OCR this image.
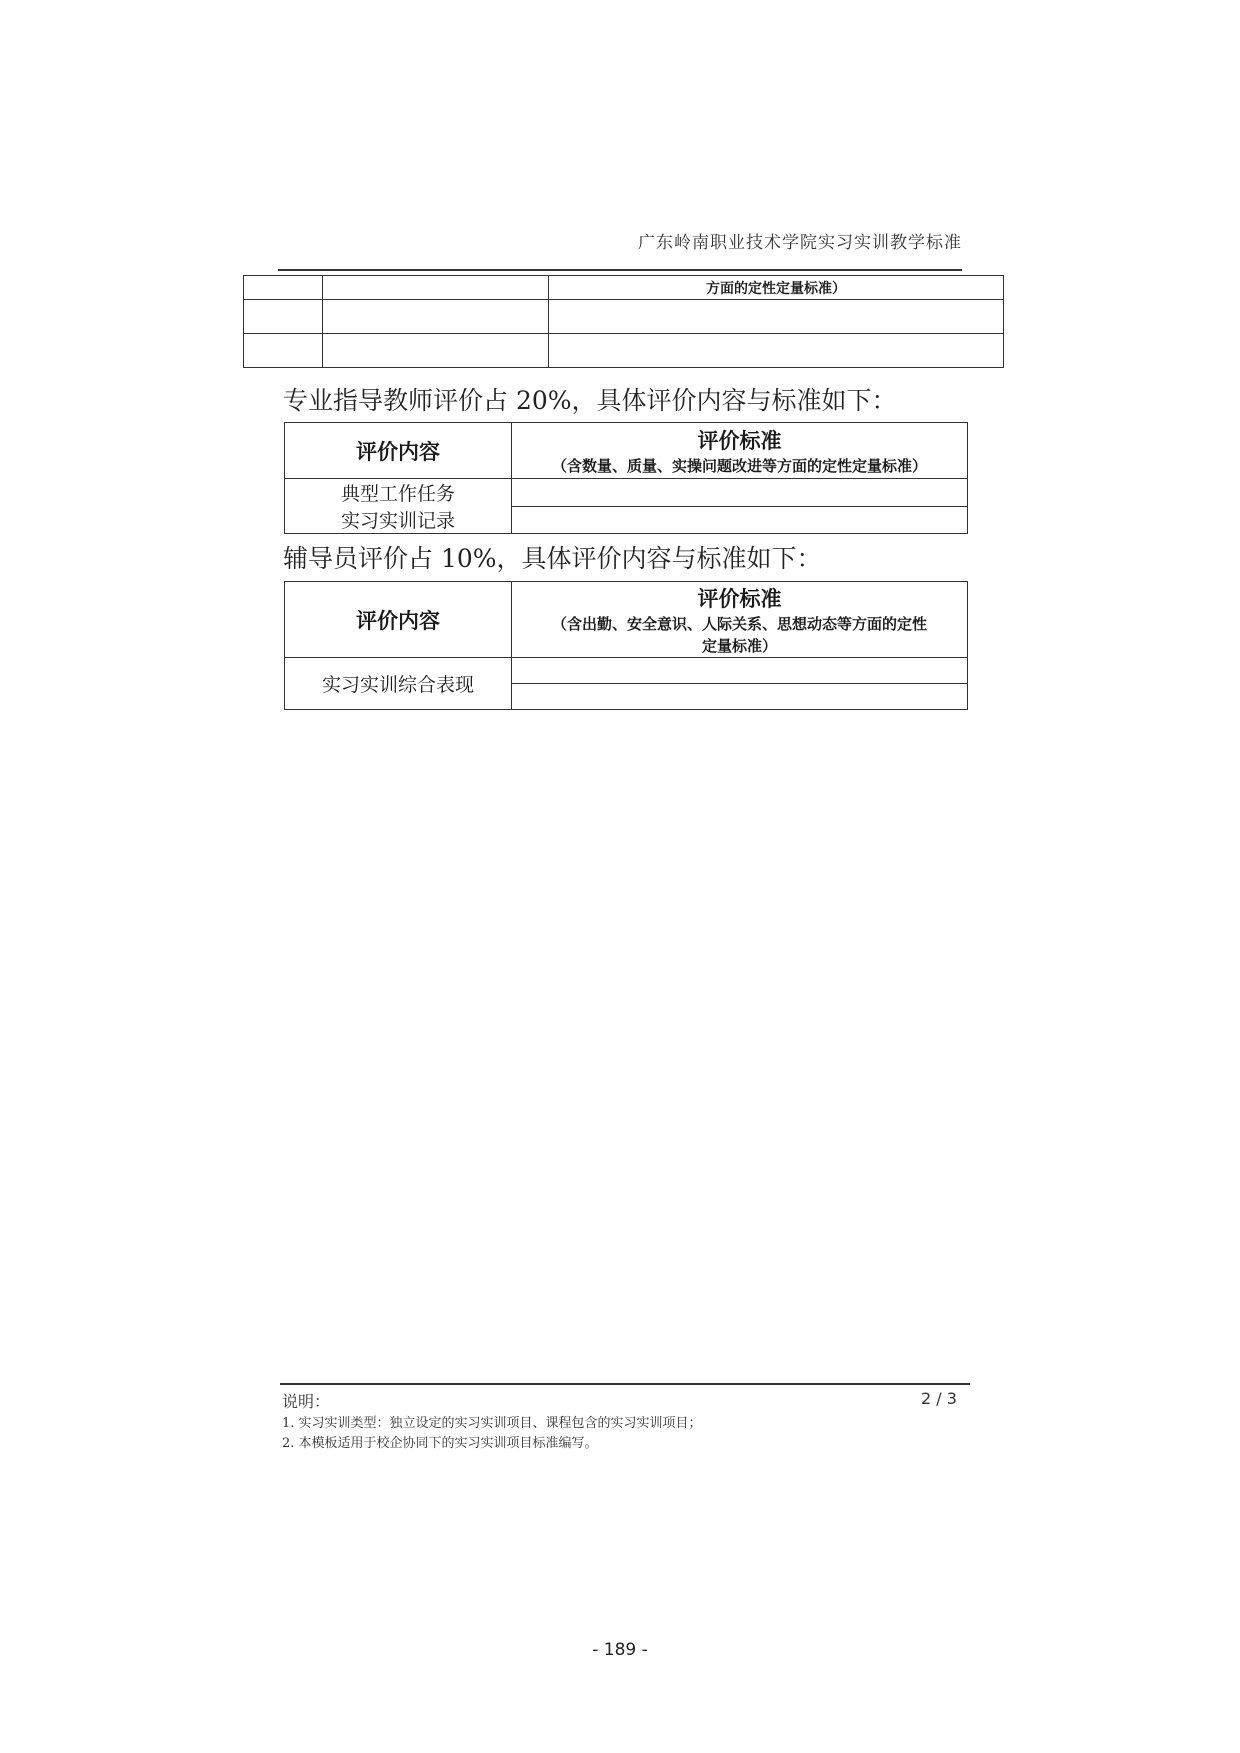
广东岭南职业技术学院实习实训教学标准
		方面的定性定量标准）

专业指导教师评价占 20%，具体评价内容与标准如下：
评价内容	评价标准
（含数量、质量、实操问题改进等方面的定性定量标准）

典型工作任务
实习实训记录	

辅导员评价占 10%，具体评价内容与标准如下：
评价内容	评价标准
（含出勤、安全意识、人际关系、思想动态等方面的定性
定量标准）

实习实训综合表现	

说明：	2 / 3
1. 实习实训类型：独立设定的实习实训项目、课程包含的实习实训项目；
2. 本模板适用于校企协同下的实习实训项目标准编写。
- 189 -
